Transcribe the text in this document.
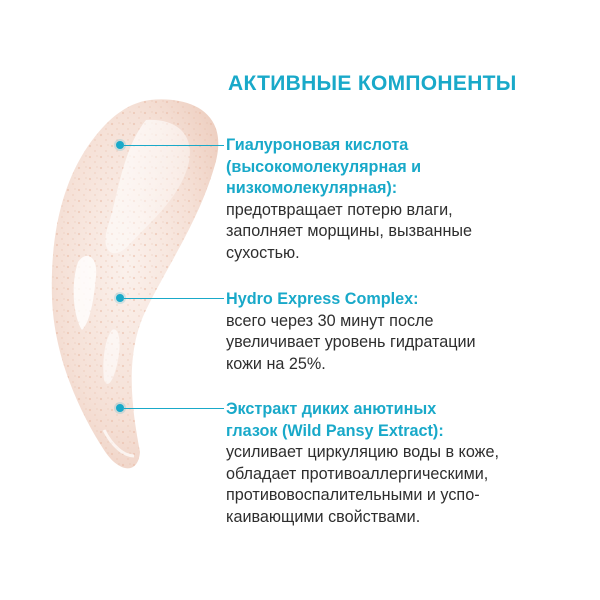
АКТИВНЫЕ КОМПОНЕНТЫ
Гиалуроновая кислота
(высокомолекулярная и
низкомолекулярная):
предотвращает потерю влаги,
заполняет морщины, вызванные
сухостью.
Hydro Express Complex:
всего через 30 минут после
увеличивает уровень гидратации
кожи на 25%.
Экстракт диких анютиных
глазок (Wild Pansy Extract):
усиливает циркуляцию воды в коже,
обладает противоаллергическими,
противовоспалительными и успо-
каивающими свойствами.
